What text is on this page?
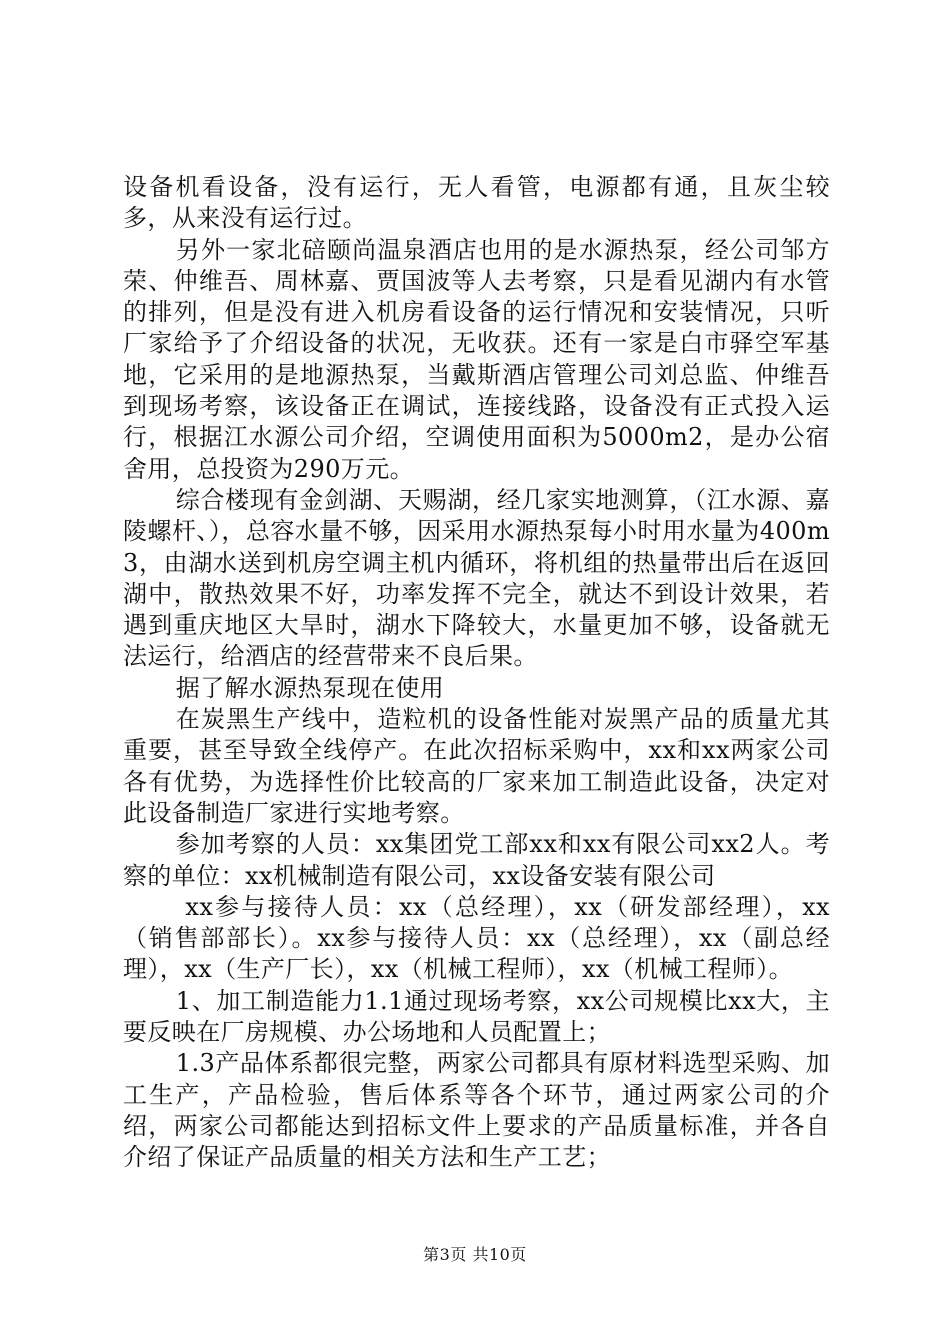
设备机看设备，没有运行，无人看管，电源都有通，且灰尘较多，从来没有运行过。

另外一家北碚颐尚温泉酒店也用的是水源热泵，经公司邹方荣、仲维吾、周林嘉、贾国波等人去考察，只是看见湖内有水管的排列，但是没有进入机房看设备的运行情况和安装情况，只听厂家给予了介绍设备的状况，无收获。还有一家是白市驿空军基地，它采用的是地源热泵，当戴斯酒店管理公司刘总监、仲维吾到现场考察，该设备正在调试，连接线路，设备没有正式投入运行，根据江水源公司介绍，空调使用面积为5000m2，是办公宿舍用，总投资为290万元。

综合楼现有金剑湖、天赐湖，经几家实地测算，（江水源、嘉陵螺杆、），总容水量不够，因采用水源热泵每小时用水量为400m3，由湖水送到机房空调主机内循环，将机组的热量带出后在返回湖中，散热效果不好，功率发挥不完全，就达不到设计效果，若遇到重庆地区大旱时，湖水下降较大，水量更加不够，设备就无法运行，给酒店的经营带来不良后果。

据了解水源热泵现在使用

在炭黑生产线中，造粒机的设备性能对炭黑产品的质量尤其重要，甚至导致全线停产。在此次招标采购中，xx和xx两家公司各有优势，为选择性价比较高的厂家来加工制造此设备，决定对此设备制造厂家进行实地考察。

参加考察的人员：xx集团党工部xx和xx有限公司xx2人。考察的单位：xx机械制造有限公司，xx设备安装有限公司

xx参与接待人员：xx（总经理），xx（研发部经理），xx（销售部部长）。xx参与接待人员：xx（总经理），xx（副总经理），xx（生产厂长），xx（机械工程师），xx（机械工程师）。

1、加工制造能力1.1通过现场考察，xx公司规模比xx大，主要反映在厂房规模、办公场地和人员配置上；

1.3产品体系都很完整，两家公司都具有原材料选型采购、加工生产，产品检验，售后体系等各个环节，通过两家公司的介绍，两家公司都能达到招标文件上要求的产品质量标准，并各自介绍了保证产品质量的相关方法和生产工艺；

第3页 共10页
